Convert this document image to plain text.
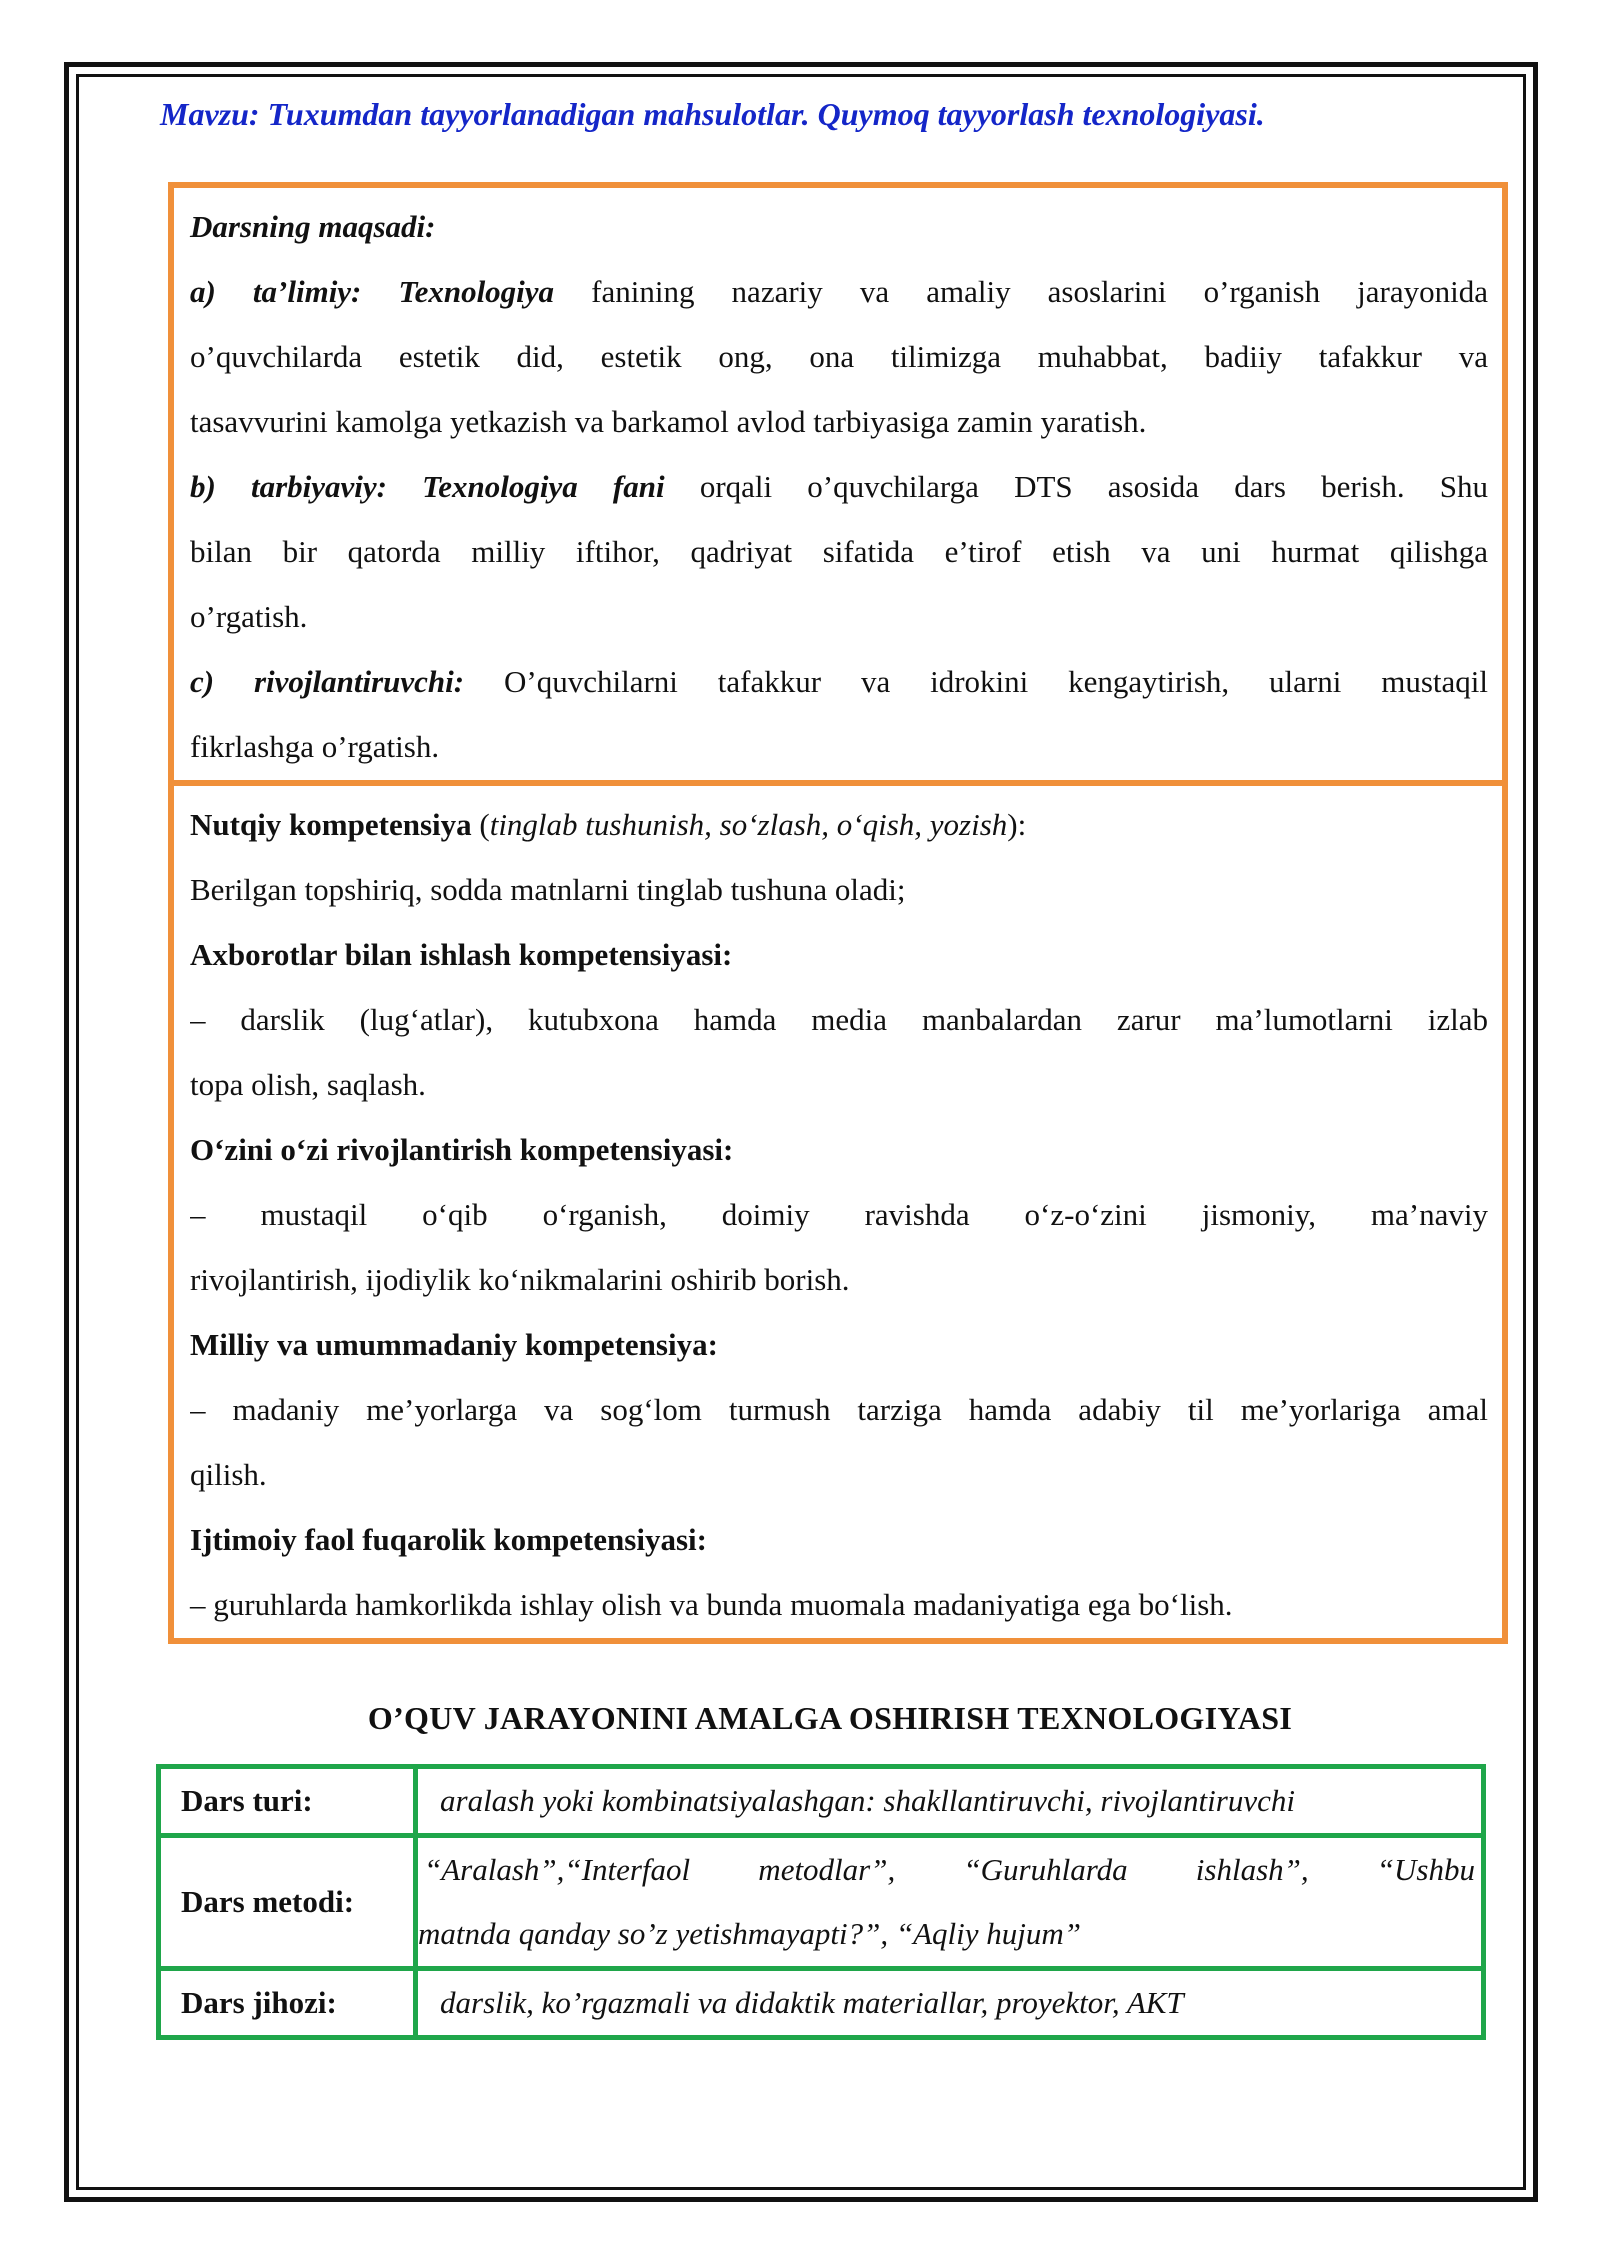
Mavzu: Tuxumdan tayyorlanadigan mahsulotlar. Quymoq tayyorlash texnologiyasi.
Darsning maqsadi:
a) ta’limiy: Texnologiya fanining nazariy va amaliy asoslarini o’rganish jarayonida
o’quvchilarda estetik did, estetik ong, ona tilimizga muhabbat, badiiy tafakkur va
tasavvurini kamolga yetkazish va barkamol avlod tarbiyasiga zamin yaratish.
b) tarbiyaviy: Texnologiya fani orqali o’quvchilarga DTS asosida dars berish. Shu
bilan bir qatorda milliy iftihor, qadriyat sifatida e’tirof etish va uni hurmat qilishga
o’rgatish.
c) rivojlantiruvchi: O’quvchilarni tafakkur va idrokini kengaytirish, ularni mustaqil
fikrlashga o’rgatish.
Nutqiy kompetensiya (tinglab tushunish, so‘zlash, o‘qish, yozish):
Berilgan topshiriq, sodda matnlarni tinglab tushuna oladi;
Axborotlar bilan ishlash kompetensiyasi:
– darslik (lug‘atlar), kutubxona hamda media manbalardan zarur ma’lumotlarni izlab
topa olish, saqlash.
O‘zini o‘zi rivojlantirish kompetensiyasi:
– mustaqil o‘qib o‘rganish, doimiy ravishda o‘z-o‘zini jismoniy, ma’naviy
rivojlantirish, ijodiylik ko‘nikmalarini oshirib borish.
Milliy va umummadaniy kompetensiya:
– madaniy me’yorlarga va sog‘lom turmush tarziga hamda adabiy til me’yorlariga amal
qilish.
Ijtimoiy faol fuqarolik kompetensiyasi:
– guruhlarda hamkorlikda ishlay olish va bunda muomala madaniyatiga ega bo‘lish.
O’QUV JARAYONINI AMALGA OSHIRISH TEXNOLOGIYASI
Dars turi:	aralash yoki kombinatsiyalashgan: shakllantiruvchi, rivojlantiruvchi

Dars metodi:	“Aralash”,“Interfaol metodlar”, “Guruhlarda ishlash”, “Ushbu
matnda qanday so’z yetishmayapti?”, “Aqliy hujum”

Dars jihozi:	darslik, ko’rgazmali va didaktik materiallar, proyektor, AKT
